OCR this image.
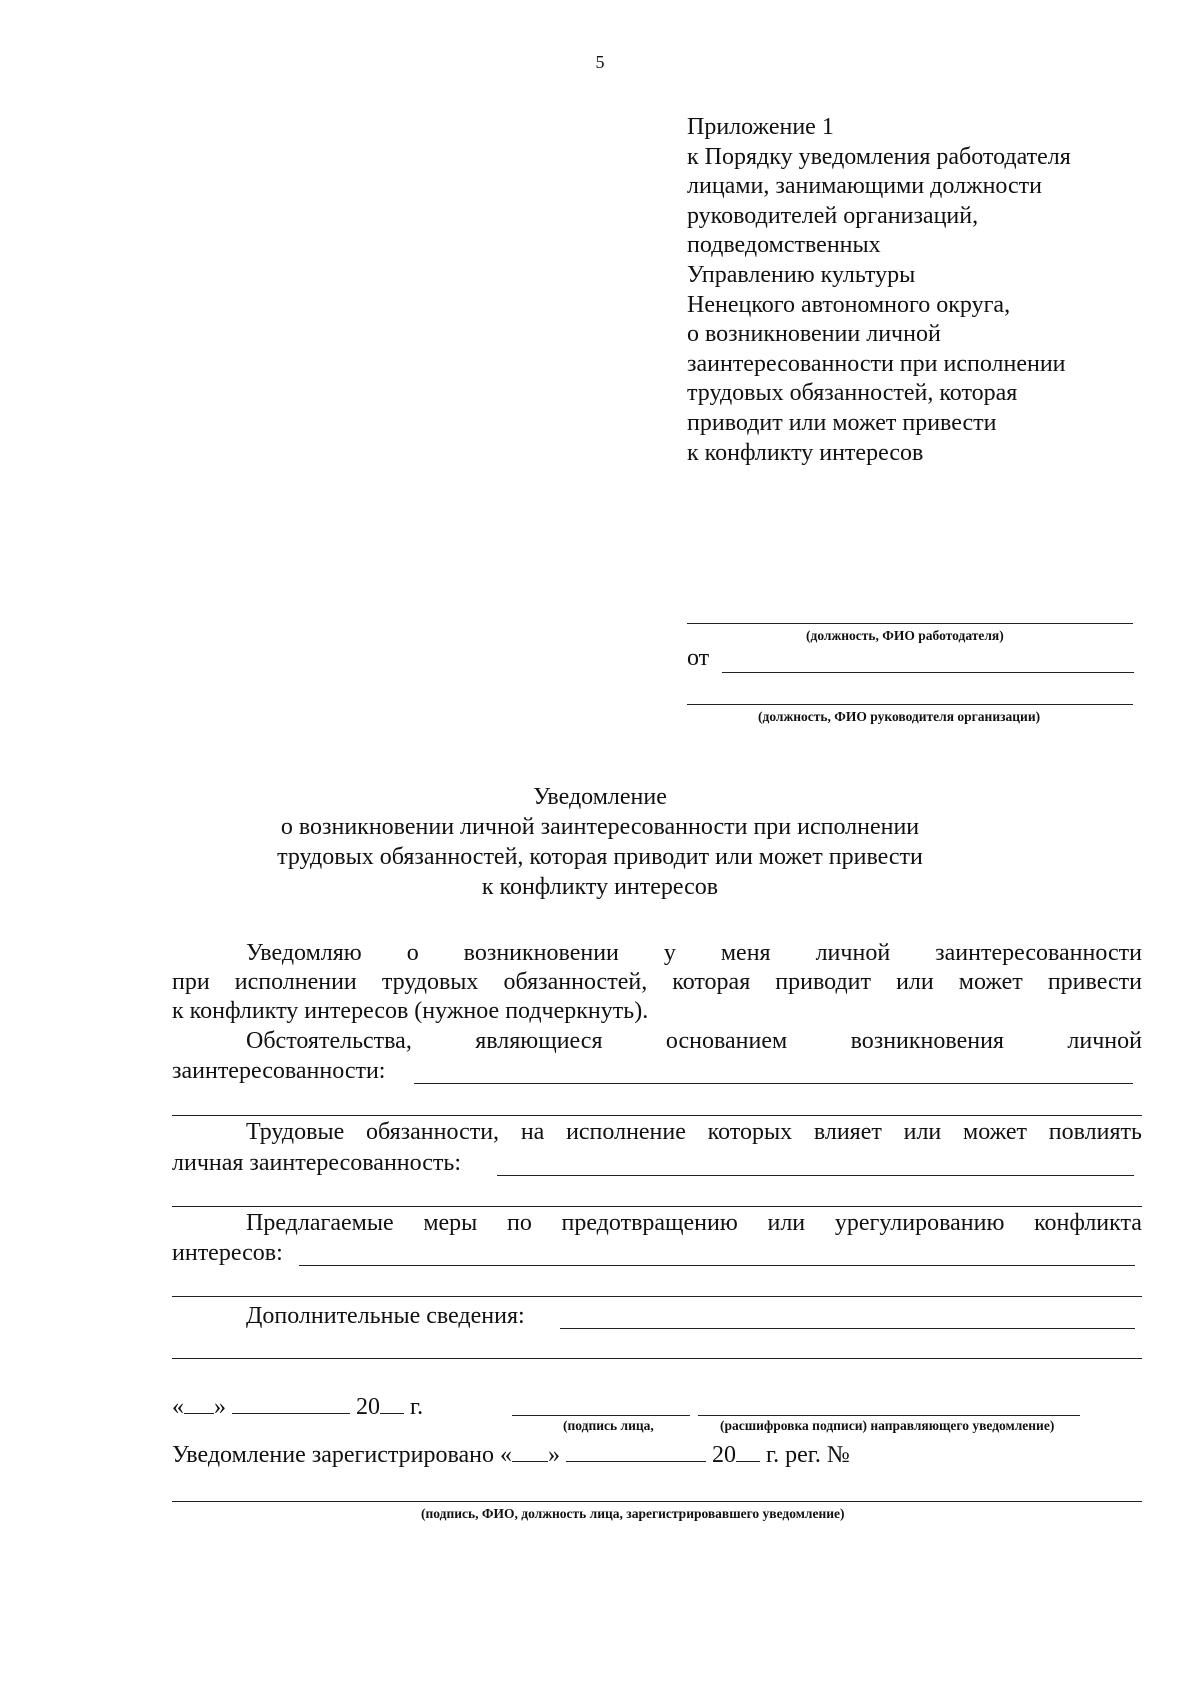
5
Приложение 1
к Порядку уведомления работодателя
лицами, занимающими должности
руководителей организаций,
подведомственных
Управлению культуры
Ненецкого автономного округа,
о возникновении личной
заинтересованности при исполнении
трудовых обязанностей, которая
приводит или может привести
к конфликту интересов
(должность, ФИО работодателя)
от
(должность, ФИО руководителя организации)
Уведомление
о возникновении личной заинтересованности при исполнении
трудовых обязанностей, которая приводит или может привести
к конфликту интересов
Уведомляю о возникновении у меня личной заинтересованности
при исполнении трудовых обязанностей, которая приводит или может привести
к конфликту интересов (нужное подчеркнуть).
Обстоятельства,	являющиеся	основанием	возникновения	личной
заинтересованности:
Трудовые обязанности, на исполнение которых влияет или может повлиять
личная заинтересованность:
Предлагаемые меры по предотвращению или урегулированию конфликта
интересов:
Дополнительные сведения:
« »	20 г.
(подпись лица,	(расшифровка подписи) направляющего уведомление)
Уведомление зарегистрировано « »	20 г. рег. №
(подпись, ФИО, должность лица, зарегистрировавшего уведомление)
